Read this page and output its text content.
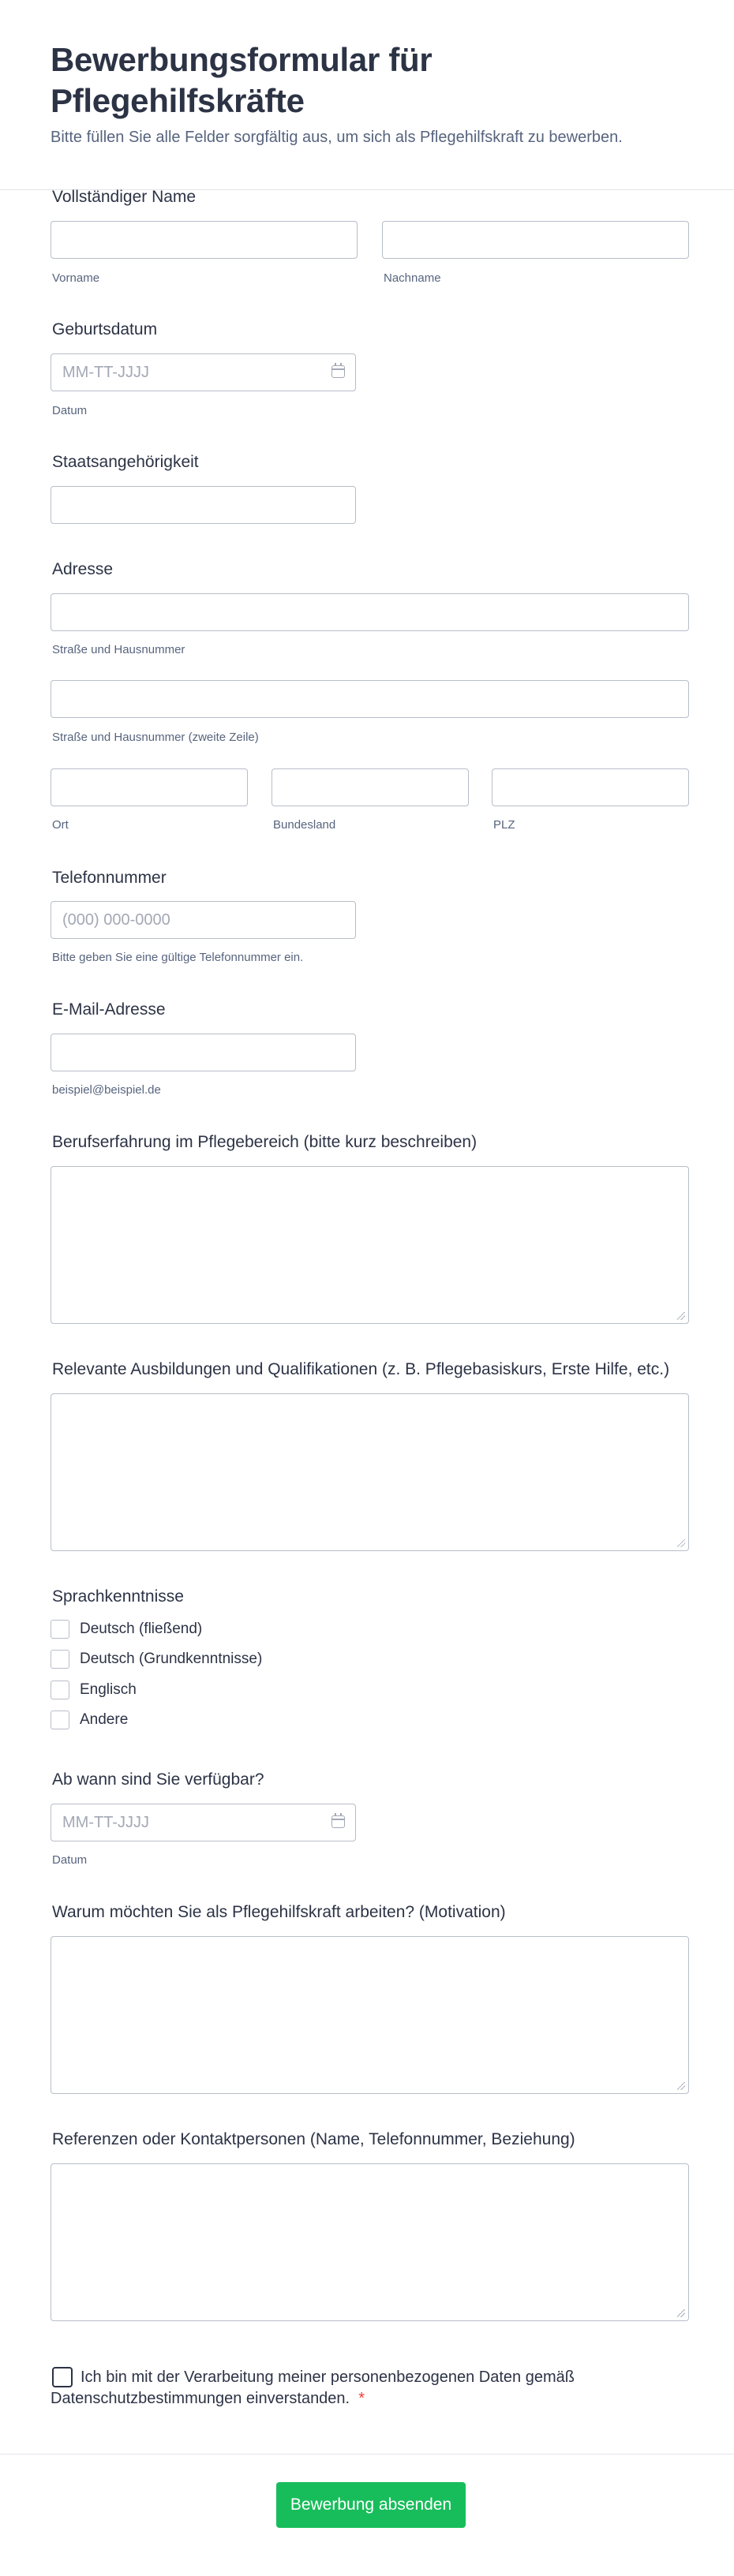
Bewerbungsformular für Pflegehilfskräfte

Bitte füllen Sie alle Felder sorgfältig aus, um sich als Pflegehilfskraft zu bewerben.

Vollständiger Name
Vorname	Nachname
Geburtsdatum
MM-TT-JJJJ
Datum
Staatsangehörigkeit
Adresse
Straße und Hausnummer
Straße und Hausnummer (zweite Zeile)
Ort	Bundesland	PLZ
Telefonnummer
(000) 000-0000
Bitte geben Sie eine gültige Telefonnummer ein.
E-Mail-Adresse
beispiel@beispiel.de
Berufserfahrung im Pflegebereich (bitte kurz beschreiben)
Relevante Ausbildungen und Qualifikationen (z. B. Pflegebasiskurs, Erste Hilfe, etc.)
Sprachkenntnisse
Deutsch (fließend)
Deutsch (Grundkenntnisse)
Englisch
Andere
Ab wann sind Sie verfügbar?
MM-TT-JJJJ
Datum
Warum möchten Sie als Pflegehilfskraft arbeiten? (Motivation)
Referenzen oder Kontaktpersonen (Name, Telefonnummer, Beziehung)
Ich bin mit der Verarbeitung meiner personenbezogenen Daten gemäß
Datenschutzbestimmungen einverstanden. *
Bewerbung absenden
